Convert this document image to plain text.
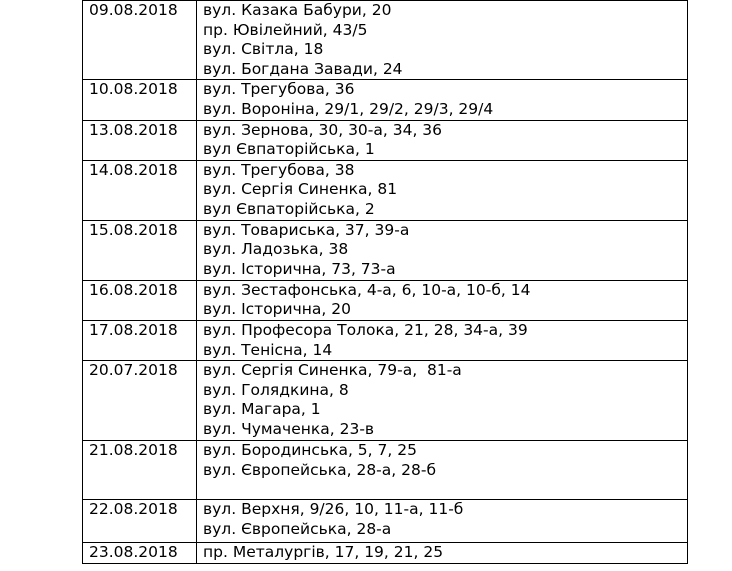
09.08.2018	вул. Казака Бабури, 20
пр. Ювілейний, 43/5
вул. Світла, 18
вул. Богдана Завади, 24

10.08.2018	вул. Трегубова, 36
вул. Вороніна, 29/1, 29/2, 29/3, 29/4

13.08.2018	вул. Зернова, 30, 30-а, 34, 36
вул Євпаторійська, 1

14.08.2018	вул. Трегубова, 38
вул. Сергія Синенка, 81
вул Євпаторійська, 2

15.08.2018	вул. Товариська, 37, 39-а
вул. Ладозька, 38
вул. Історична, 73, 73-а

16.08.2018	вул. Зестафонська, 4-а, 6, 10-а, 10-б, 14
вул. Історична, 20

17.08.2018	вул. Професора Толока, 21, 28, 34-а, 39
вул. Тенісна, 14

20.07.2018	вул. Сергія Синенка, 79-а,  81-а
вул. Голядкина, 8
вул. Магара, 1
вул. Чумаченка, 23-в

21.08.2018	вул. Бородинська, 5, 7, 25
вул. Європейська, 28-а, 28-б

22.08.2018	вул. Верхня, 9/26, 10, 11-а, 11-б
вул. Європейська, 28-а

23.08.2018	пр. Металургів, 17, 19, 21, 25
